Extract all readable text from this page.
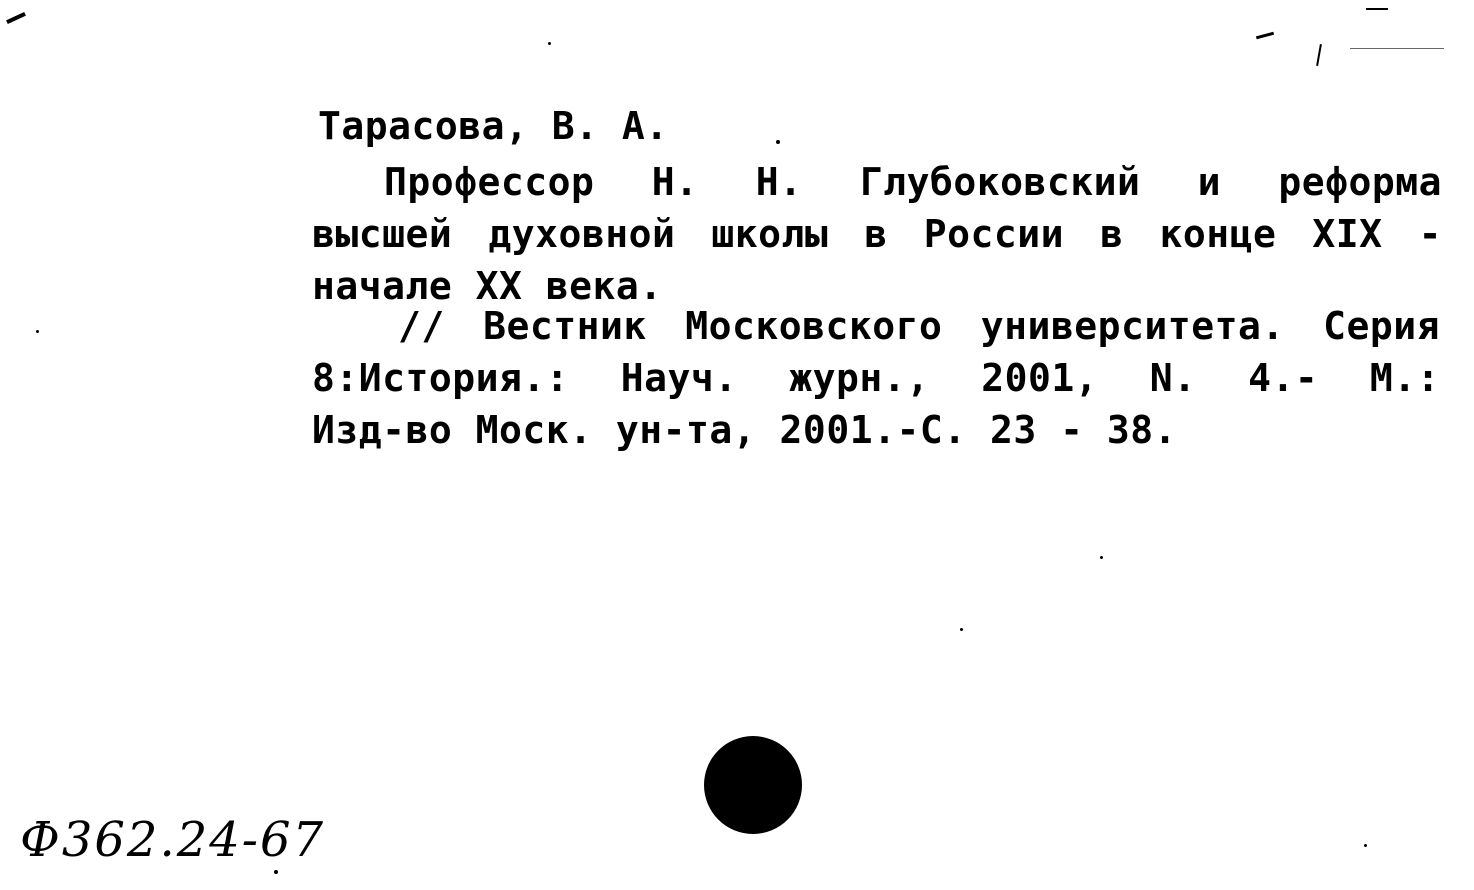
Тарасова, В. А.
Профессор Н. Н. Глубоковский и реформа
высшей духовной школы в России в конце XIX -
начале XX века.
// Вестник Московского университета. Серия
8:История.: Науч. журн., 2001, N. 4.- М.:
Изд-во Моск. ун-та, 2001.-С. 23 - 38.
Ф362.24-67
